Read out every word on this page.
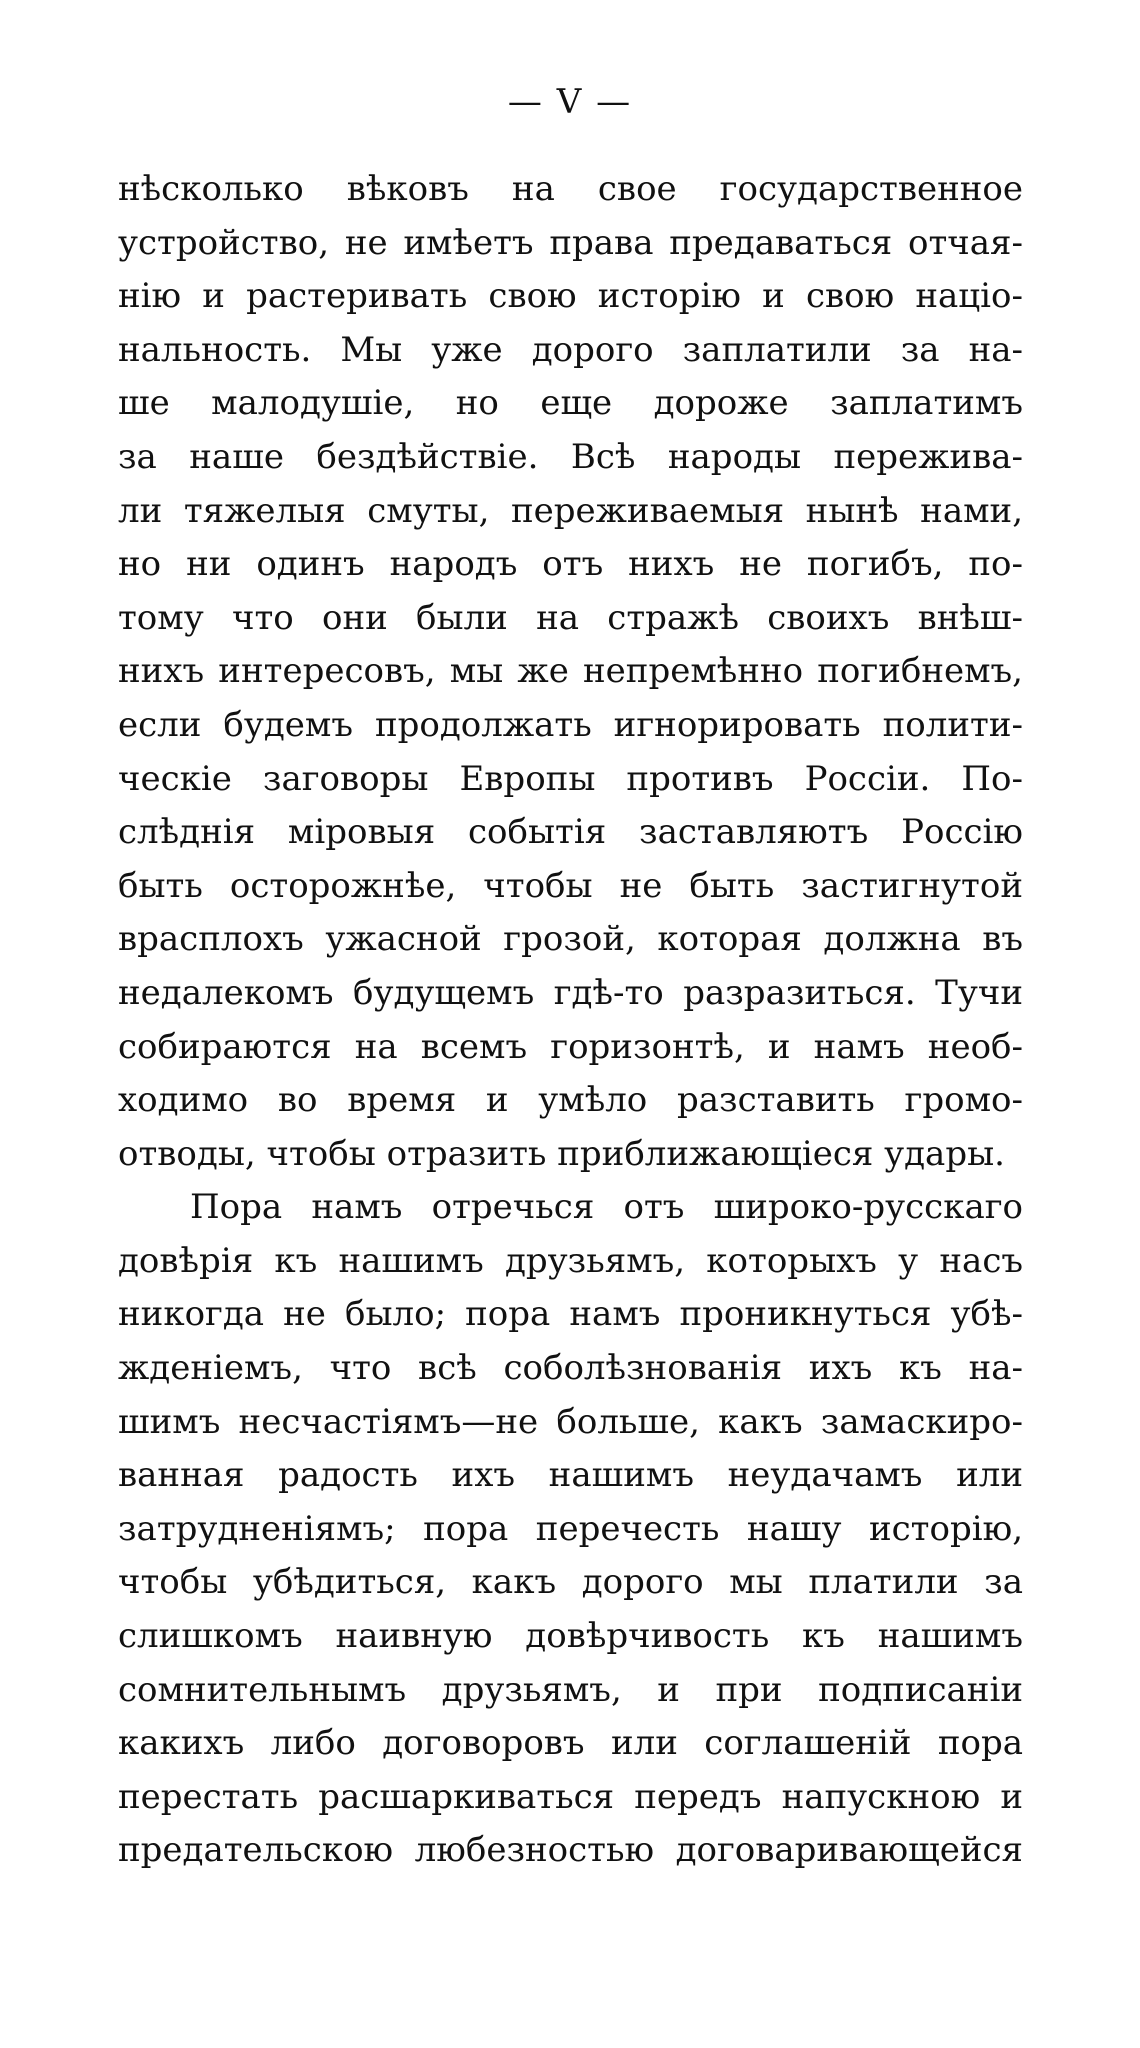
— V —
нѣсколько вѣковъ на свое государственное
устройство, не имѣетъ права предаваться отчая-
нію и растеривать свою исторію и свою націо-
нальность. Мы уже дорого заплатили за на-
ше малодушіе, но еще дороже заплатимъ
за наше бездѣйствіе. Всѣ народы пережива-
ли тяжелыя смуты, переживаемыя нынѣ нами,
но ни одинъ народъ отъ нихъ не погибъ, по-
тому что они были на стражѣ своихъ внѣш-
нихъ интересовъ, мы же непремѣнно погибнемъ,
если будемъ продолжать игнорировать полити-
ческіе заговоры Европы противъ Россіи. По-
слѣднія міровыя событія заставляютъ Россію
быть осторожнѣе, чтобы не быть застигнутой
врасплохъ ужасной грозой, которая должна въ
недалекомъ будущемъ гдѣ-то разразиться. Тучи
собираются на всемъ горизонтѣ, и намъ необ-
ходимо во время и умѣло разставить громо-
отводы, чтобы отразить приближающіеся удары.
Пора намъ отречься отъ широко-русскаго
довѣрія къ нашимъ друзьямъ, которыхъ у насъ
никогда не было; пора намъ проникнуться убѣ-
жденіемъ, что всѣ соболѣзнованія ихъ къ на-
шимъ несчастіямъ—не больше, какъ замаскиро-
ванная радость ихъ нашимъ неудачамъ или
затрудненіямъ; пора перечесть нашу исторію,
чтобы убѣдиться, какъ дорого мы платили за
слишкомъ наивную довѣрчивость къ нашимъ
сомнительнымъ друзьямъ, и при подписаніи
какихъ либо договоровъ или соглашеній пора
перестать расшаркиваться передъ напускною и
предательскою любезностью договаривающейся
